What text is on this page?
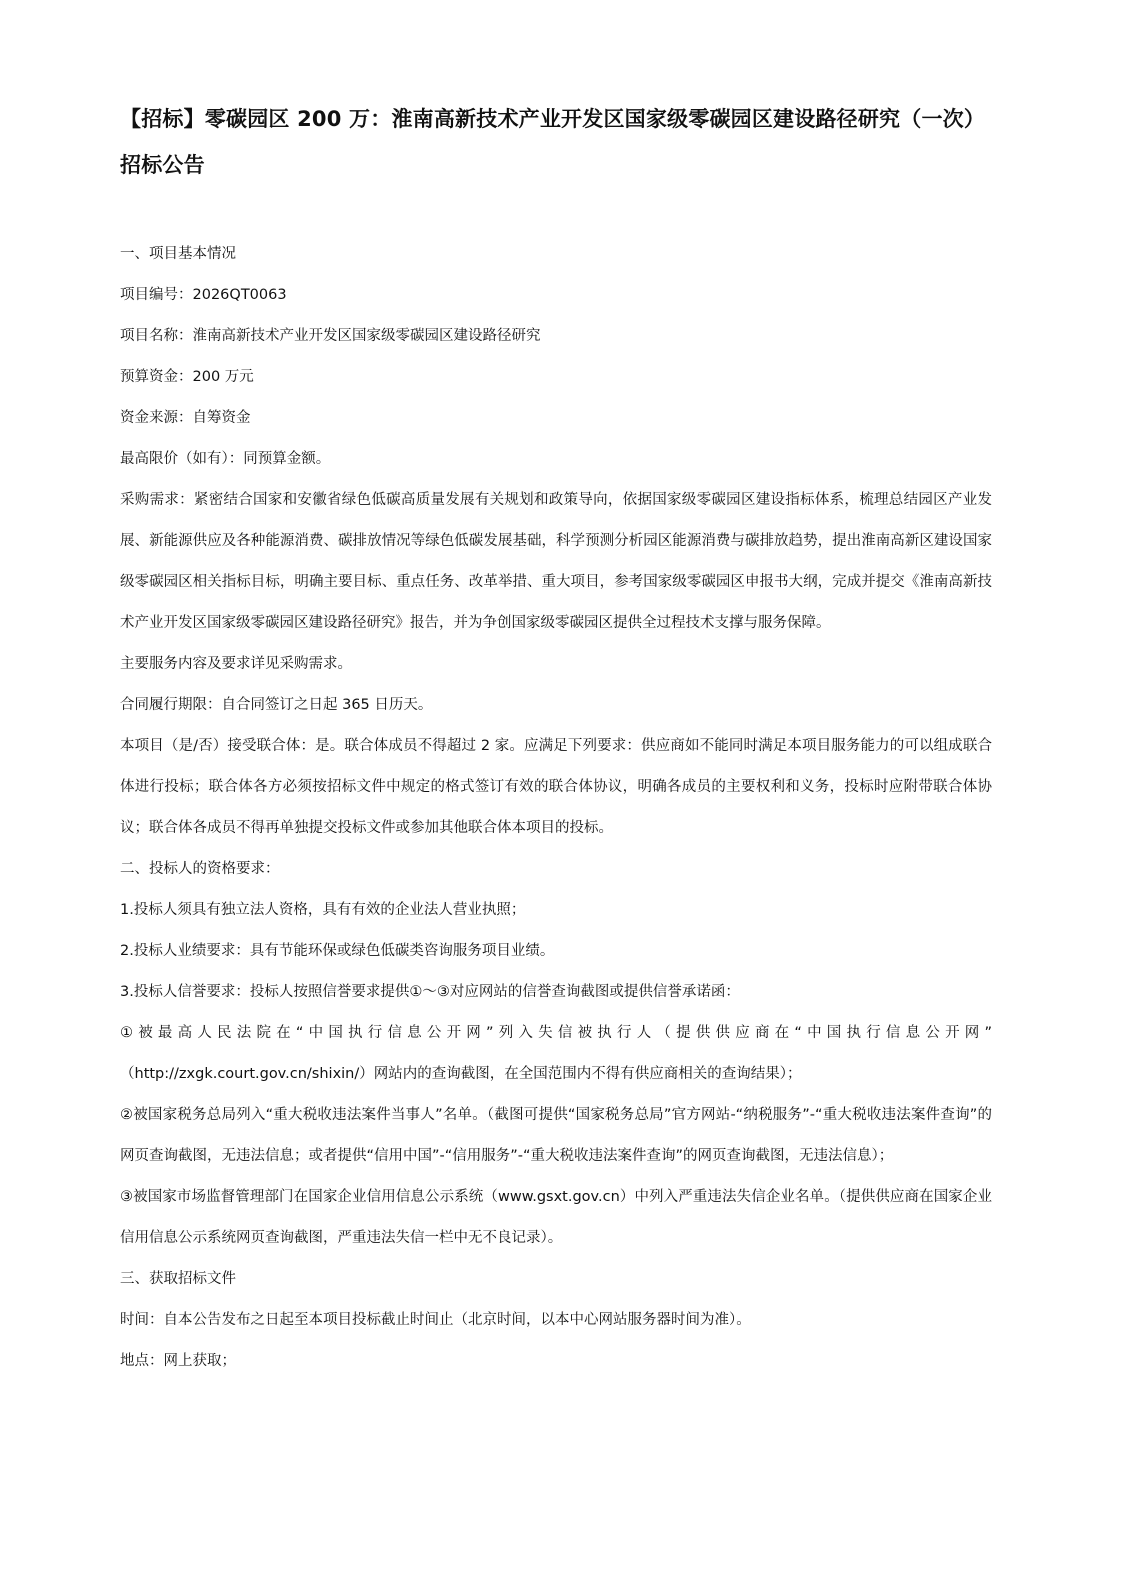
【招标】零碳园区 200 万：淮南高新技术产业开发区国家级零碳园区建设路径研究（一次）招标公告

一、项目基本情况

项目编号：2026QT0063

项目名称：淮南高新技术产业开发区国家级零碳园区建设路径研究

预算资金：200 万元

资金来源：自筹资金

最高限价（如有）：同预算金额。

采购需求：紧密结合国家和安徽省绿色低碳高质量发展有关规划和政策导向，依据国家级零碳园区建设指标体系，梳理总结园区产业发展、新能源供应及各种能源消费、碳排放情况等绿色低碳发展基础，科学预测分析园区能源消费与碳排放趋势，提出淮南高新区建设国家级零碳园区相关指标目标，明确主要目标、重点任务、改革举措、重大项目，参考国家级零碳园区申报书大纲，完成并提交《淮南高新技术产业开发区国家级零碳园区建设路径研究》报告，并为争创国家级零碳园区提供全过程技术支撑与服务保障。

主要服务内容及要求详见采购需求。

合同履行期限：自合同签订之日起 365 日历天。

本项目（是/否）接受联合体：是。联合体成员不得超过 2 家。应满足下列要求：供应商如不能同时满足本项目服务能力的可以组成联合体进行投标；联合体各方必须按招标文件中规定的格式签订有效的联合体协议，明确各成员的主要权利和义务，投标时应附带联合体协议；联合体各成员不得再单独提交投标文件或参加其他联合体本项目的投标。

二、投标人的资格要求：

1.投标人须具有独立法人资格，具有有效的企业法人营业执照；

2.投标人业绩要求：具有节能环保或绿色低碳类咨询服务项目业绩。

3.投标人信誉要求：投标人按照信誉要求提供①～③对应网站的信誉查询截图或提供信誉承诺函：

①被最高人民法院在“中国执行信息公开网”列入失信被执行人（提供供应商在“中国执行信息公开网”

（http://zxgk.court.gov.cn/shixin/）网站内的查询截图，在全国范围内不得有供应商相关的查询结果）；

②被国家税务总局列入“重大税收违法案件当事人”名单。（截图可提供“国家税务总局”官方网站-“纳税服务”-“重大税收违法案件查询”的网页查询截图，无违法信息；或者提供“信用中国”-“信用服务”-“重大税收违法案件查询”的网页查询截图，无违法信息）；

③被国家市场监督管理部门在国家企业信用信息公示系统（www.gsxt.gov.cn）中列入严重违法失信企业名单。（提供供应商在国家企业信用信息公示系统网页查询截图，严重违法失信一栏中无不良记录）。

三、获取招标文件

时间：自本公告发布之日起至本项目投标截止时间止（北京时间，以本中心网站服务器时间为准）。

地点：网上获取；
